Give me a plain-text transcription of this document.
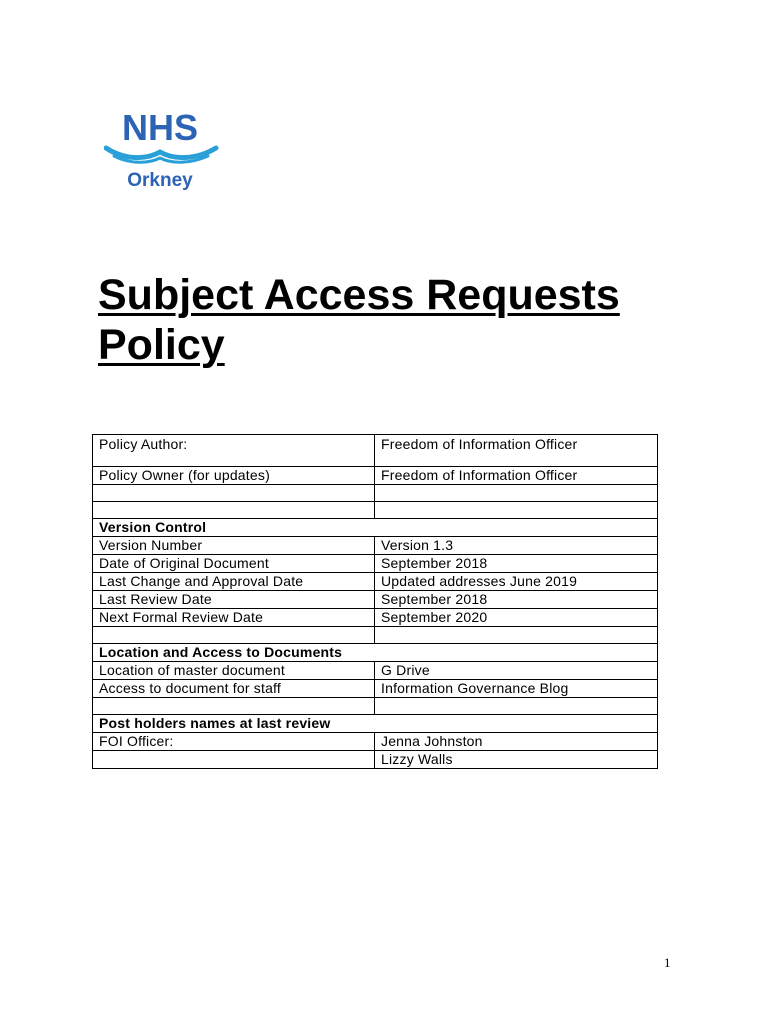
NHS
Orkney
Subject Access Requests
Policy
Policy Author:	Freedom of Information Officer
Policy Owner (for updates)	Freedom of Information Officer

Version Control	
Version Number	Version 1.3
Date of Original Document	September 2018
Last Change and Approval Date	Updated addresses June 2019
Last Review Date	September 2018
Next Formal Review Date	September 2020

Location and Access to Documents	
Location of master document	G Drive
Access to document for staff	Information Governance Blog

Post holders names at last review	
FOI Officer:	Jenna Johnston
	Lizzy Walls
1
